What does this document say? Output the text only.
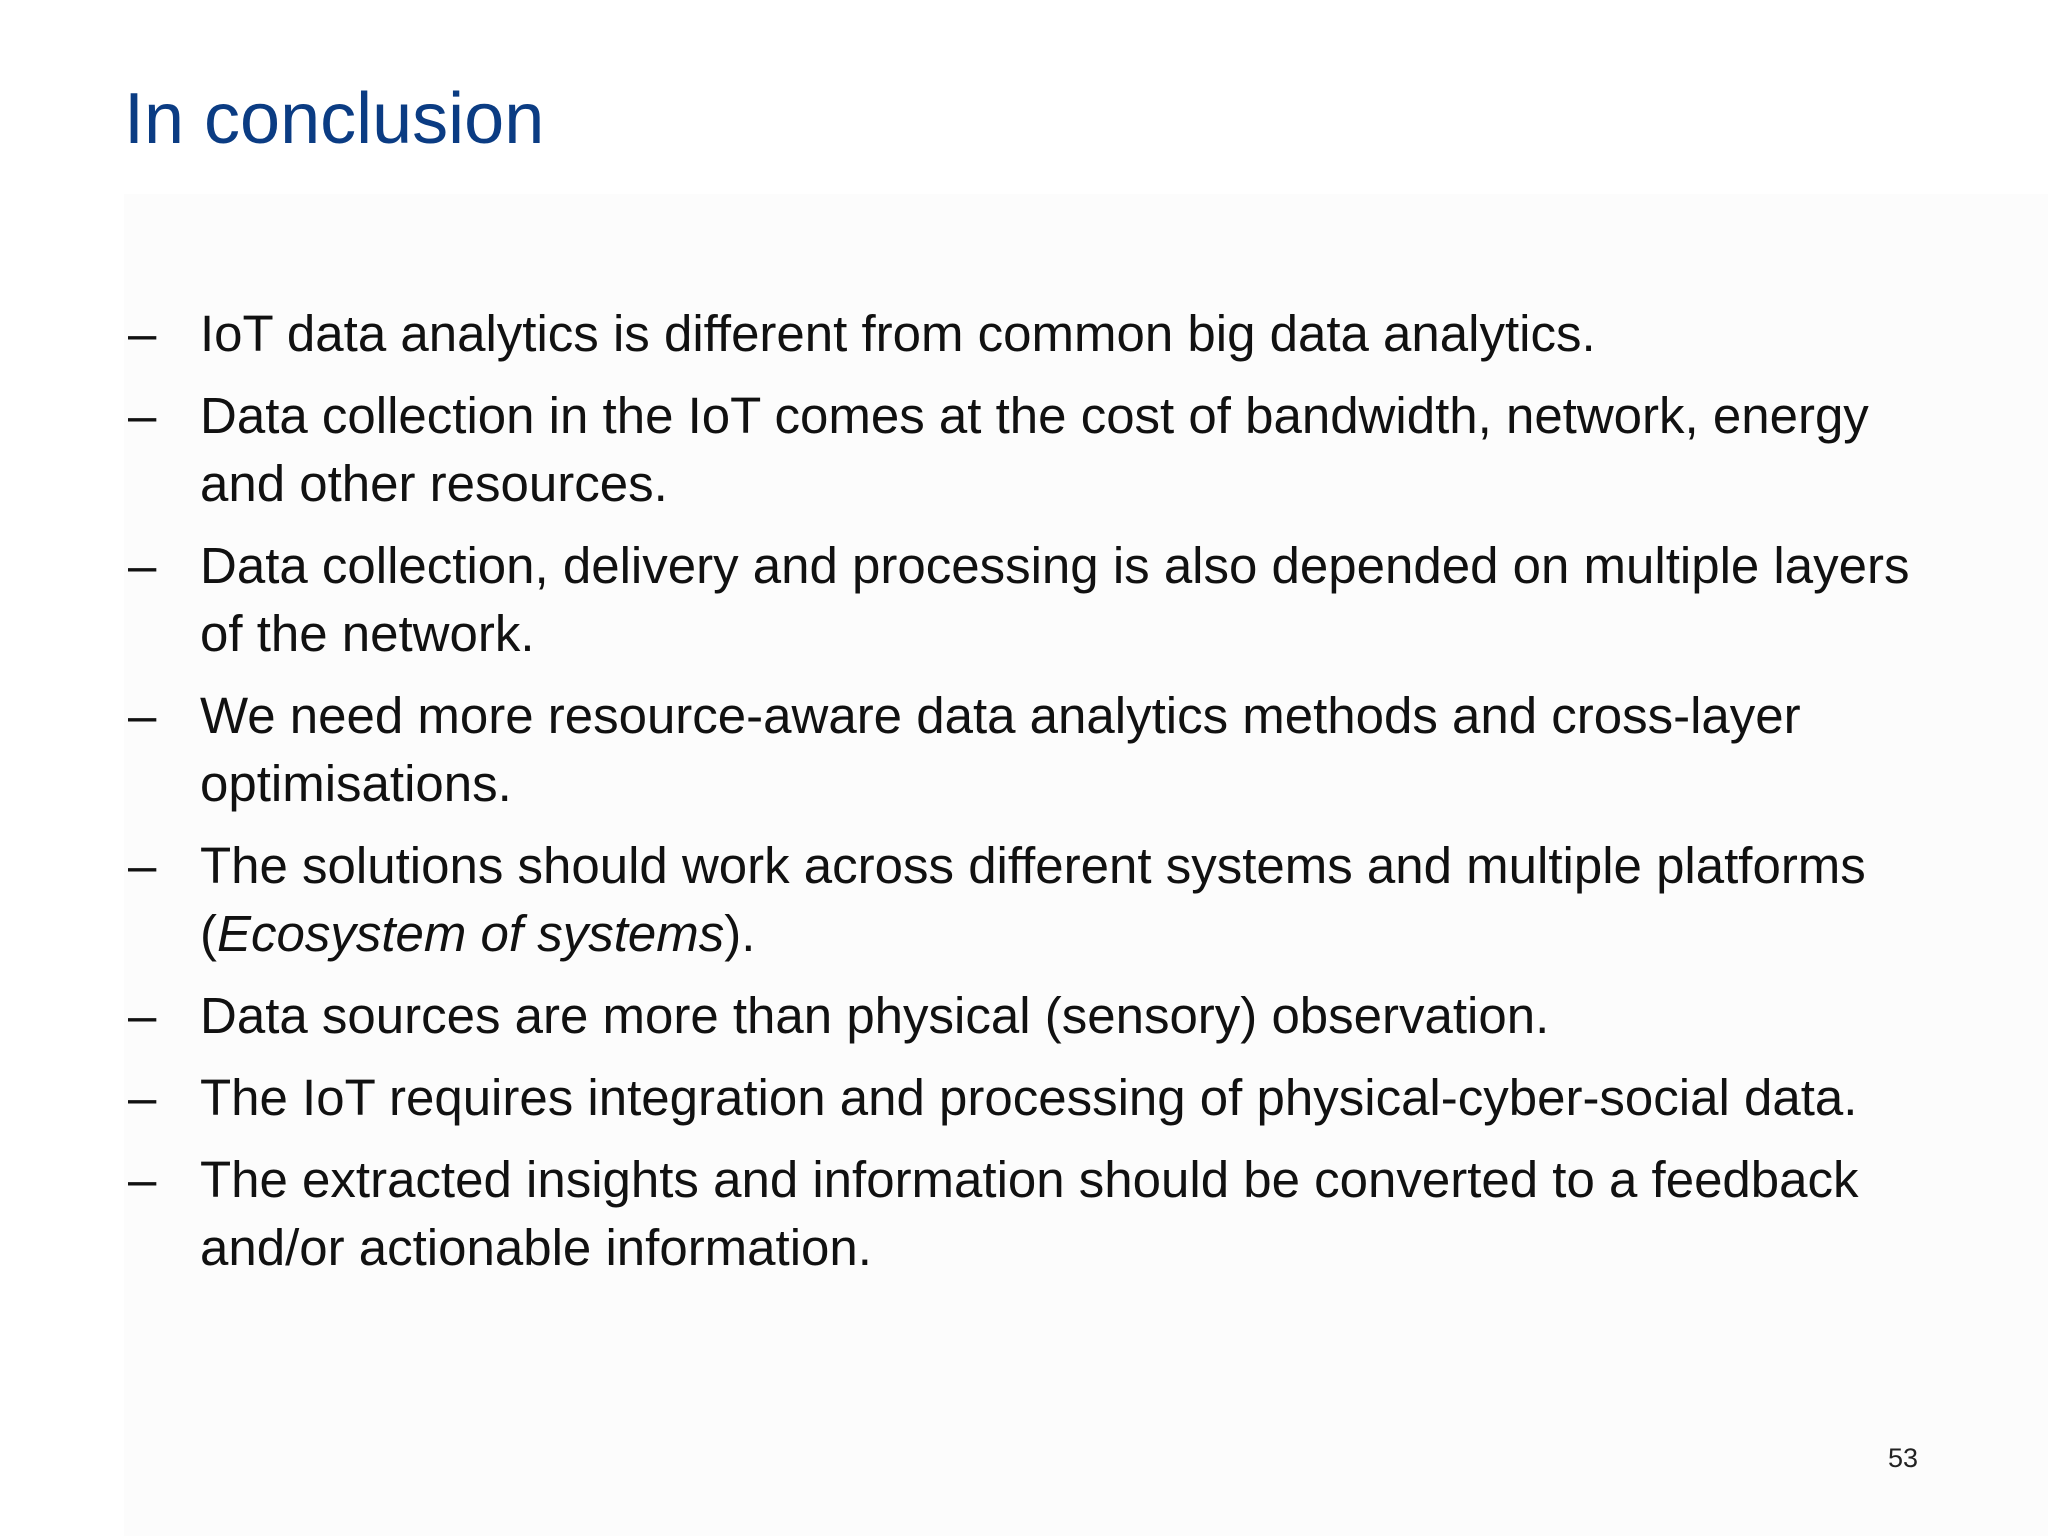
In conclusion
– IoT data analytics is different from common big data analytics.
– Data collection in the IoT comes at the cost of bandwidth, network, energy and other resources.
– Data collection, delivery and processing is also depended on multiple layers of the network.
– We need more resource-aware data analytics methods and cross-layer optimisations.
– The solutions should work across different systems and multiple platforms (Ecosystem of systems).
– Data sources are more than physical (sensory) observation.
– The IoT requires integration and processing of physical-cyber-social data.
– The extracted insights and information should be converted to a feedback and/or actionable information.
53
